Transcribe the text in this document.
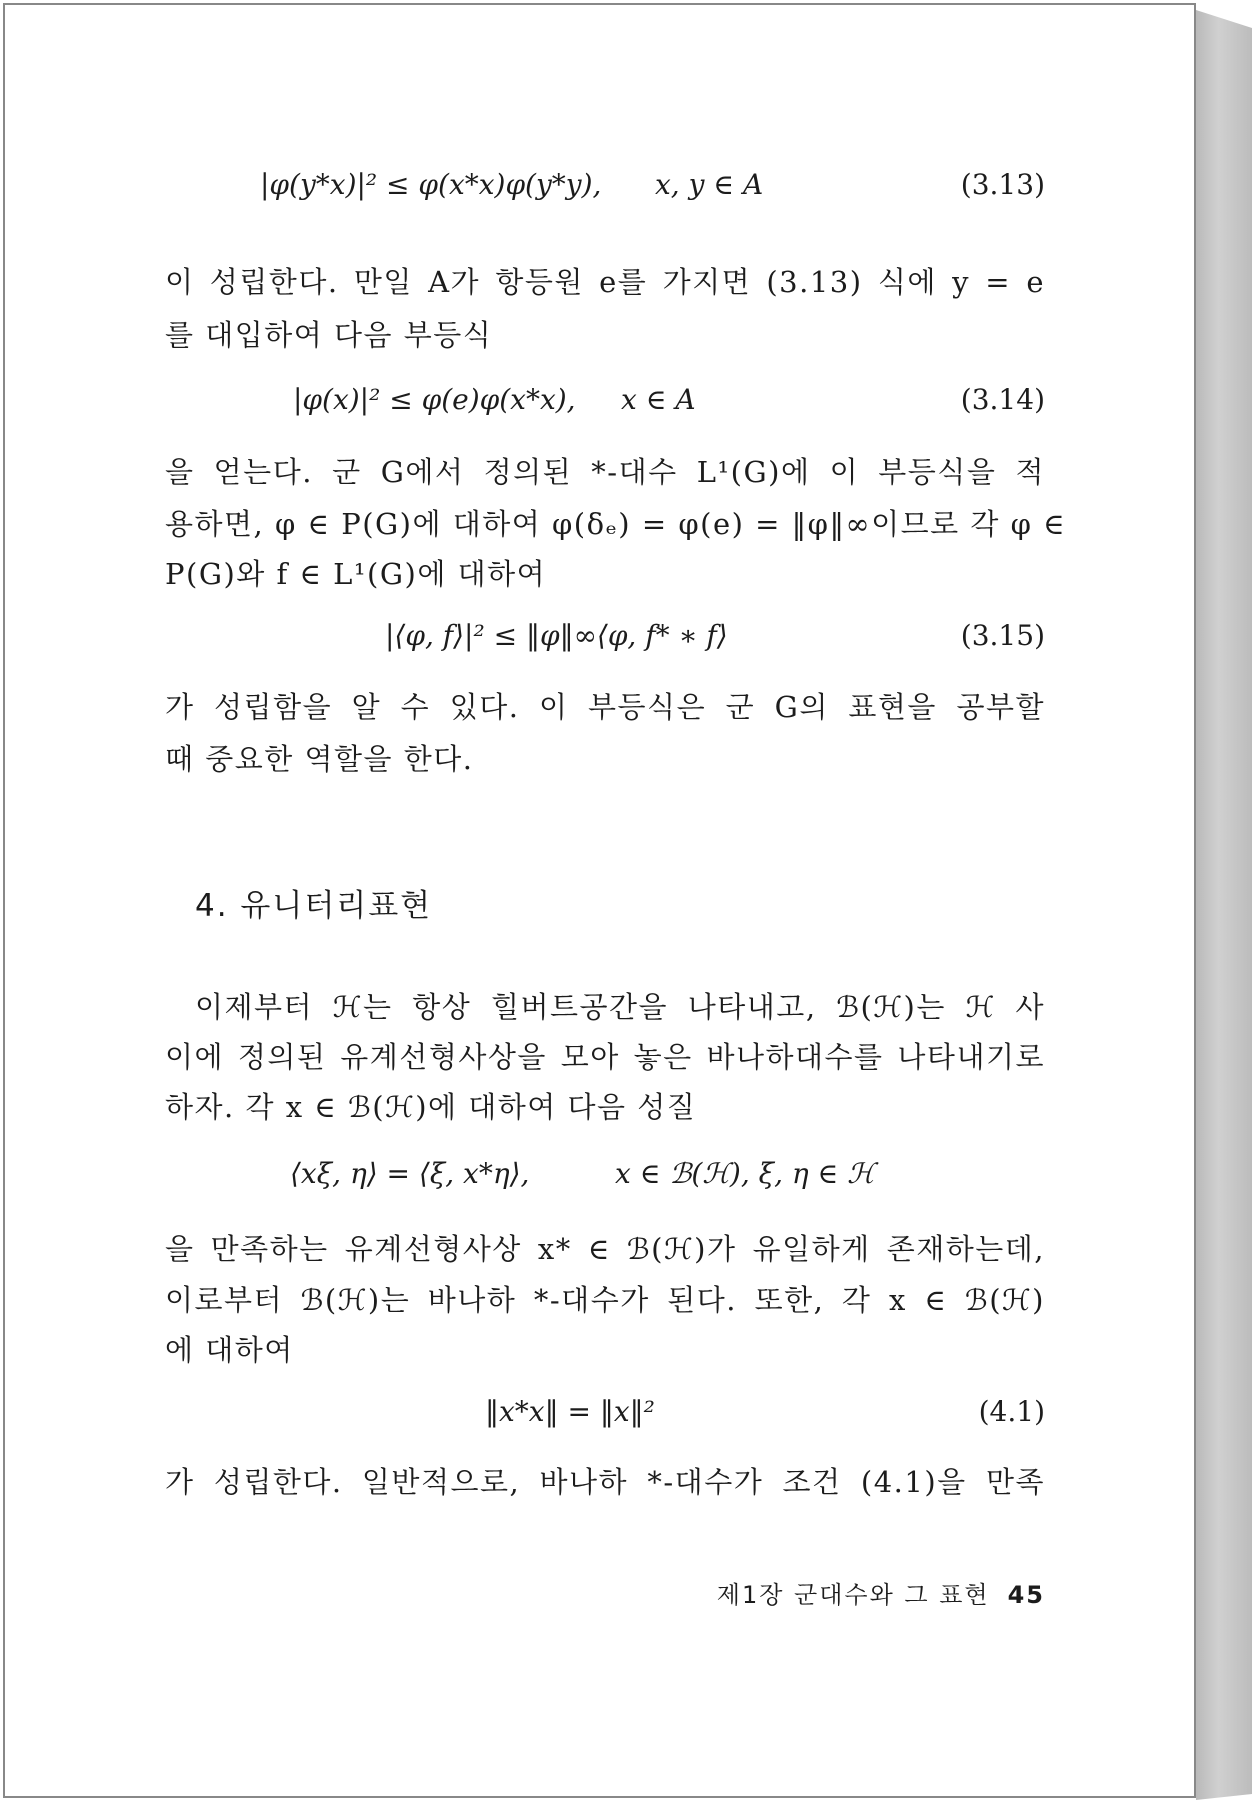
|φ(y*x)|² ≤ φ(x*x)φ(y*y), x, y ∈ A	(3.13)
이 성립한다. 만일 A가 항등원 e를 가지면 (3.13) 식에 y = e
를 대입하여 다음 부등식
|φ(x)|² ≤ φ(e)φ(x*x), x ∈ A	(3.14)
을 얻는다. 군 G에서 정의된 *-대수 L¹(G)에 이 부등식을 적
용하면, φ ∈ P(G)에 대하여 φ(δₑ) = φ(e) = ‖φ‖∞이므로 각 φ ∈
P(G)와 f ∈ L¹(G)에 대하여
|⟨φ, f⟩|² ≤ ‖φ‖∞⟨φ, f* ∗ f⟩	(3.15)
가 성립함을 알 수 있다. 이 부등식은 군 G의 표현을 공부할
때 중요한 역할을 한다.
4. 유니터리표현
이제부터 ℋ는 항상 힐버트공간을 나타내고, ℬ(ℋ)는 ℋ 사
이에 정의된 유계선형사상을 모아 놓은 바나하대수를 나타내기로
하자. 각 x ∈ ℬ(ℋ)에 대하여 다음 성질
⟨xξ, η⟩ = ⟨ξ, x*η⟩,	x ∈ ℬ(ℋ), ξ, η ∈ ℋ
을 만족하는 유계선형사상 x* ∈ ℬ(ℋ)가 유일하게 존재하는데,
이로부터 ℬ(ℋ)는 바나하 *-대수가 된다. 또한, 각 x ∈ ℬ(ℋ)
에 대하여
‖x*x‖ = ‖x‖²	(4.1)
가 성립한다. 일반적으로, 바나하 *-대수가 조건 (4.1)을 만족
제1장 군대수와 그 표현 45
